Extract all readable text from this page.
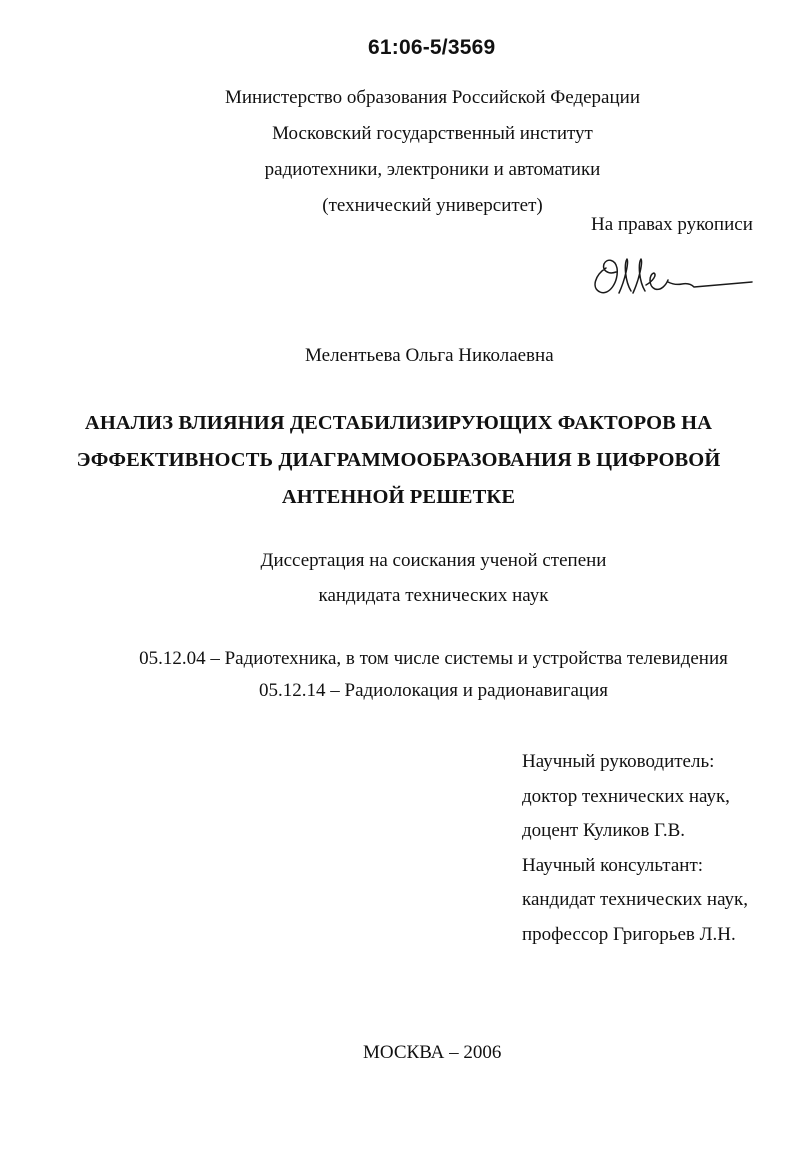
61:06-5/3569
Министерство образования Российской Федерации
Московский государственный институт
радиотехники, электроники и автоматики
(технический университет)
На правах рукописи
Мелентьева Ольга Николаевна
АНАЛИЗ ВЛИЯНИЯ ДЕСТАБИЛИЗИРУЮЩИХ ФАКТОРОВ НА
ЭФФЕКТИВНОСТЬ ДИАГРАММООБРАЗОВАНИЯ В ЦИФРОВОЙ
АНТЕННОЙ РЕШЕТКЕ
Диссертация на соискания ученой степени
кандидата технических наук
05.12.04 – Радиотехника, в том числе системы и устройства телевидения
05.12.14 – Радиолокация и радионавигация
Научный руководитель:
доктор технических наук,
доцент Куликов Г.В.
Научный консультант:
кандидат технических наук,
профессор Григорьев Л.Н.
МОСКВА – 2006
